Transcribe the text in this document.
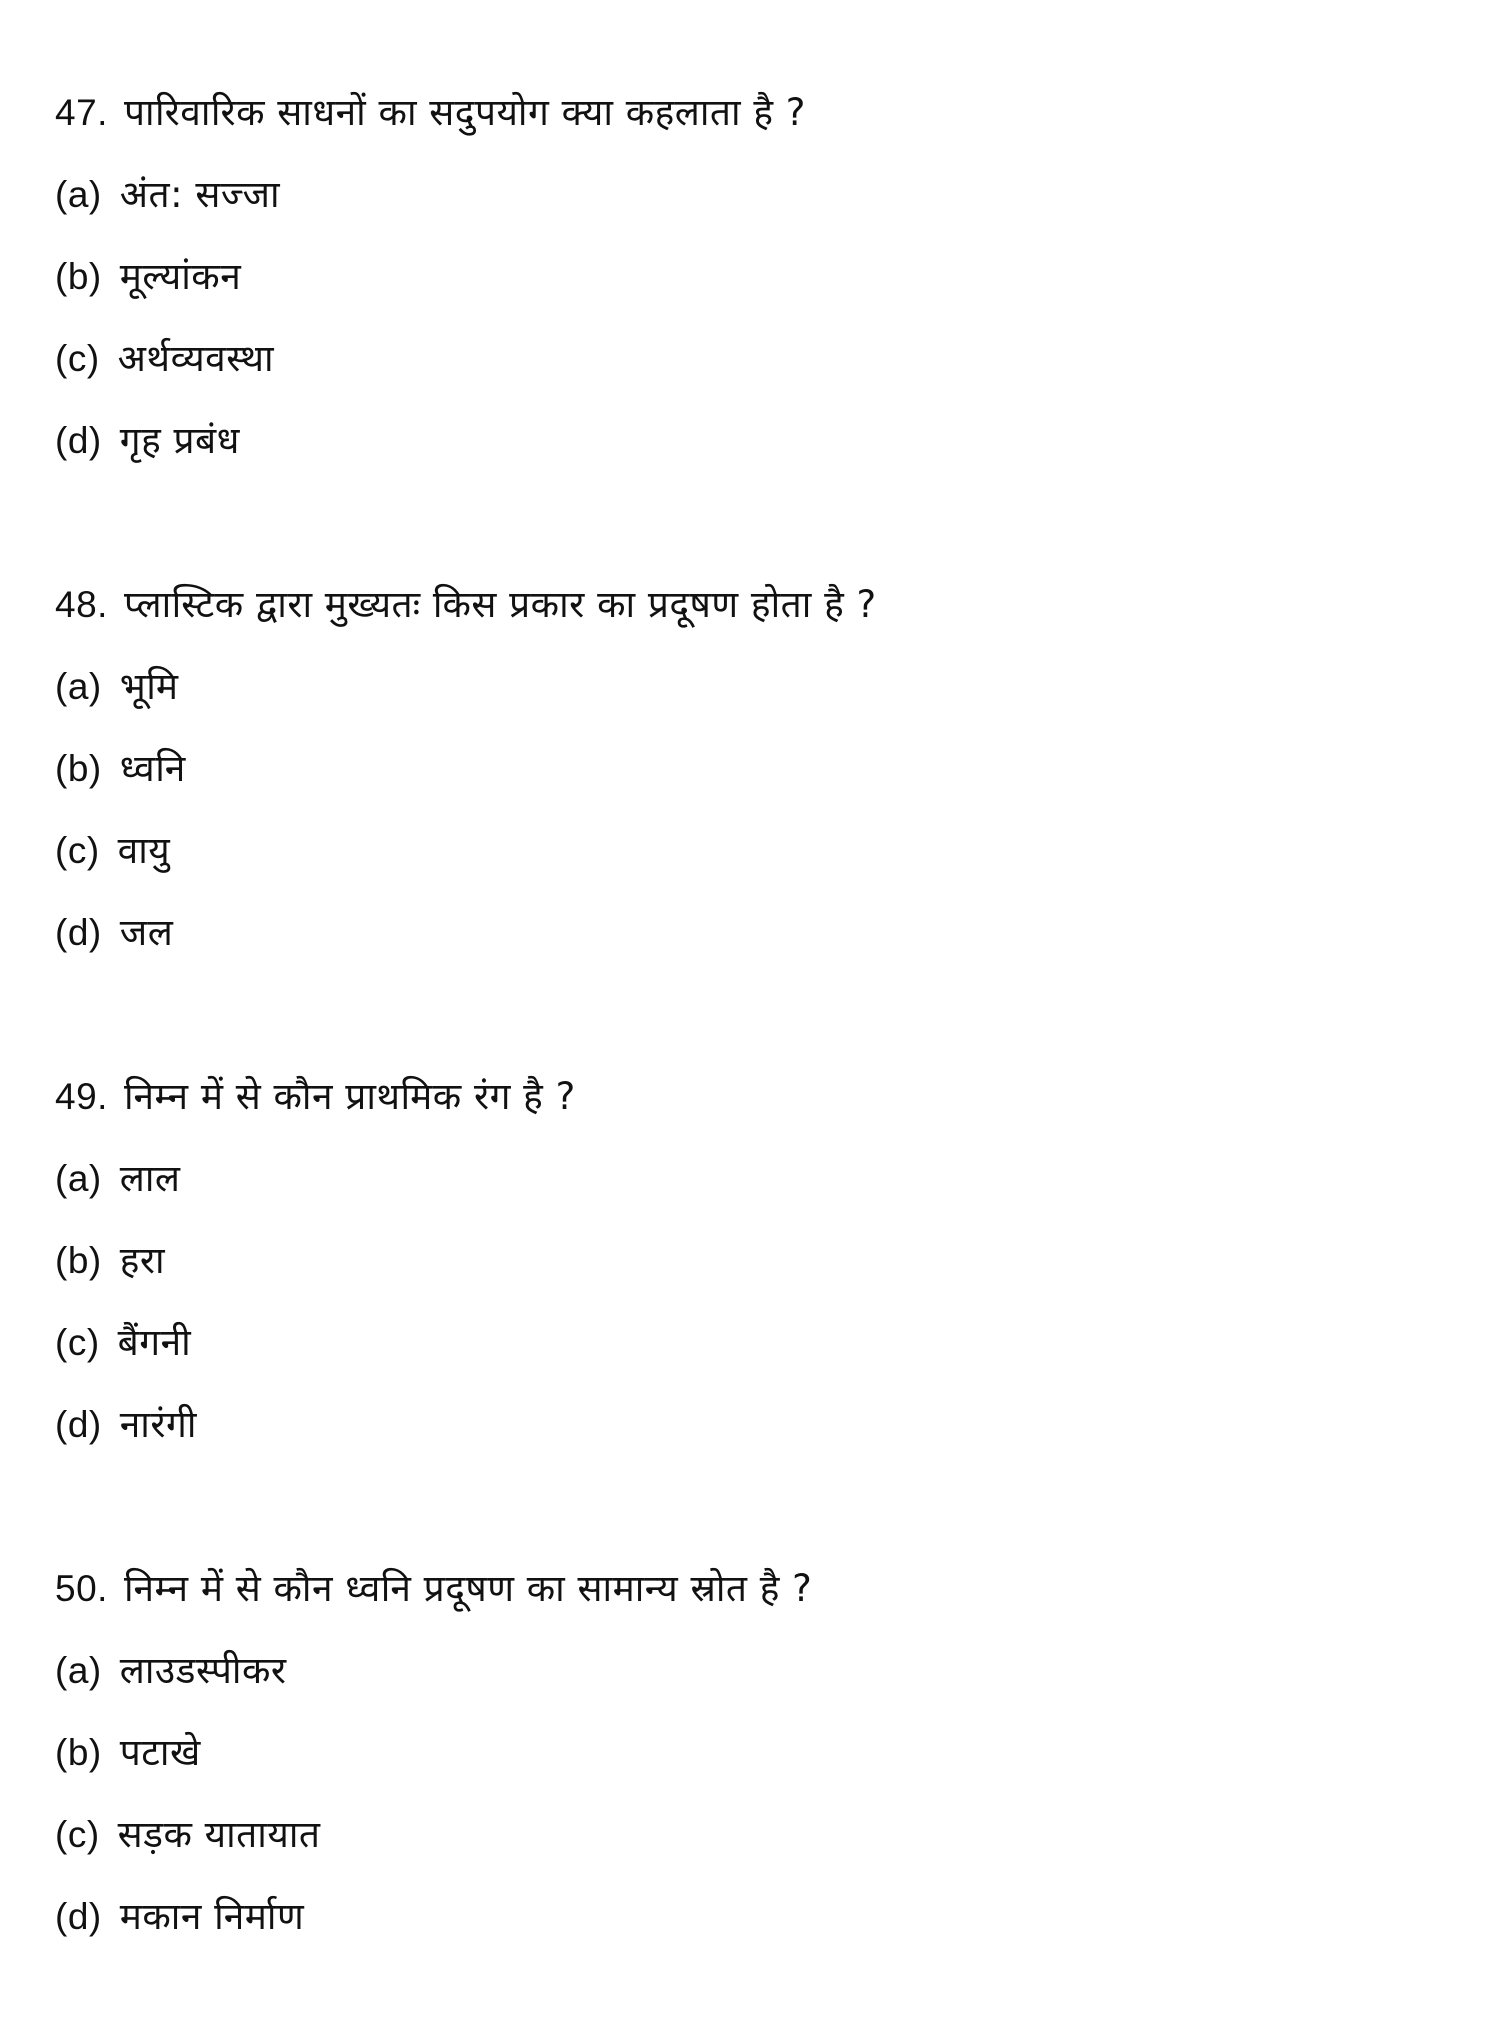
47. पारिवारिक साधनों का सदुपयोग क्या कहलाता है ?
(a) अंत: सज्जा
(b) मूल्यांकन
(c) अर्थव्यवस्था
(d) गृह प्रबंध
48. प्लास्टिक द्वारा मुख्यतः किस प्रकार का प्रदूषण होता है ?
(a) भूमि
(b) ध्वनि
(c) वायु
(d) जल
49. निम्न में से कौन प्राथमिक रंग है ?
(a) लाल
(b) हरा
(c) बैंगनी
(d) नारंगी
50. निम्न में से कौन ध्वनि प्रदूषण का सामान्य स्रोत है ?
(a) लाउडस्पीकर
(b) पटाखे
(c) सड़क यातायात
(d) मकान निर्माण
